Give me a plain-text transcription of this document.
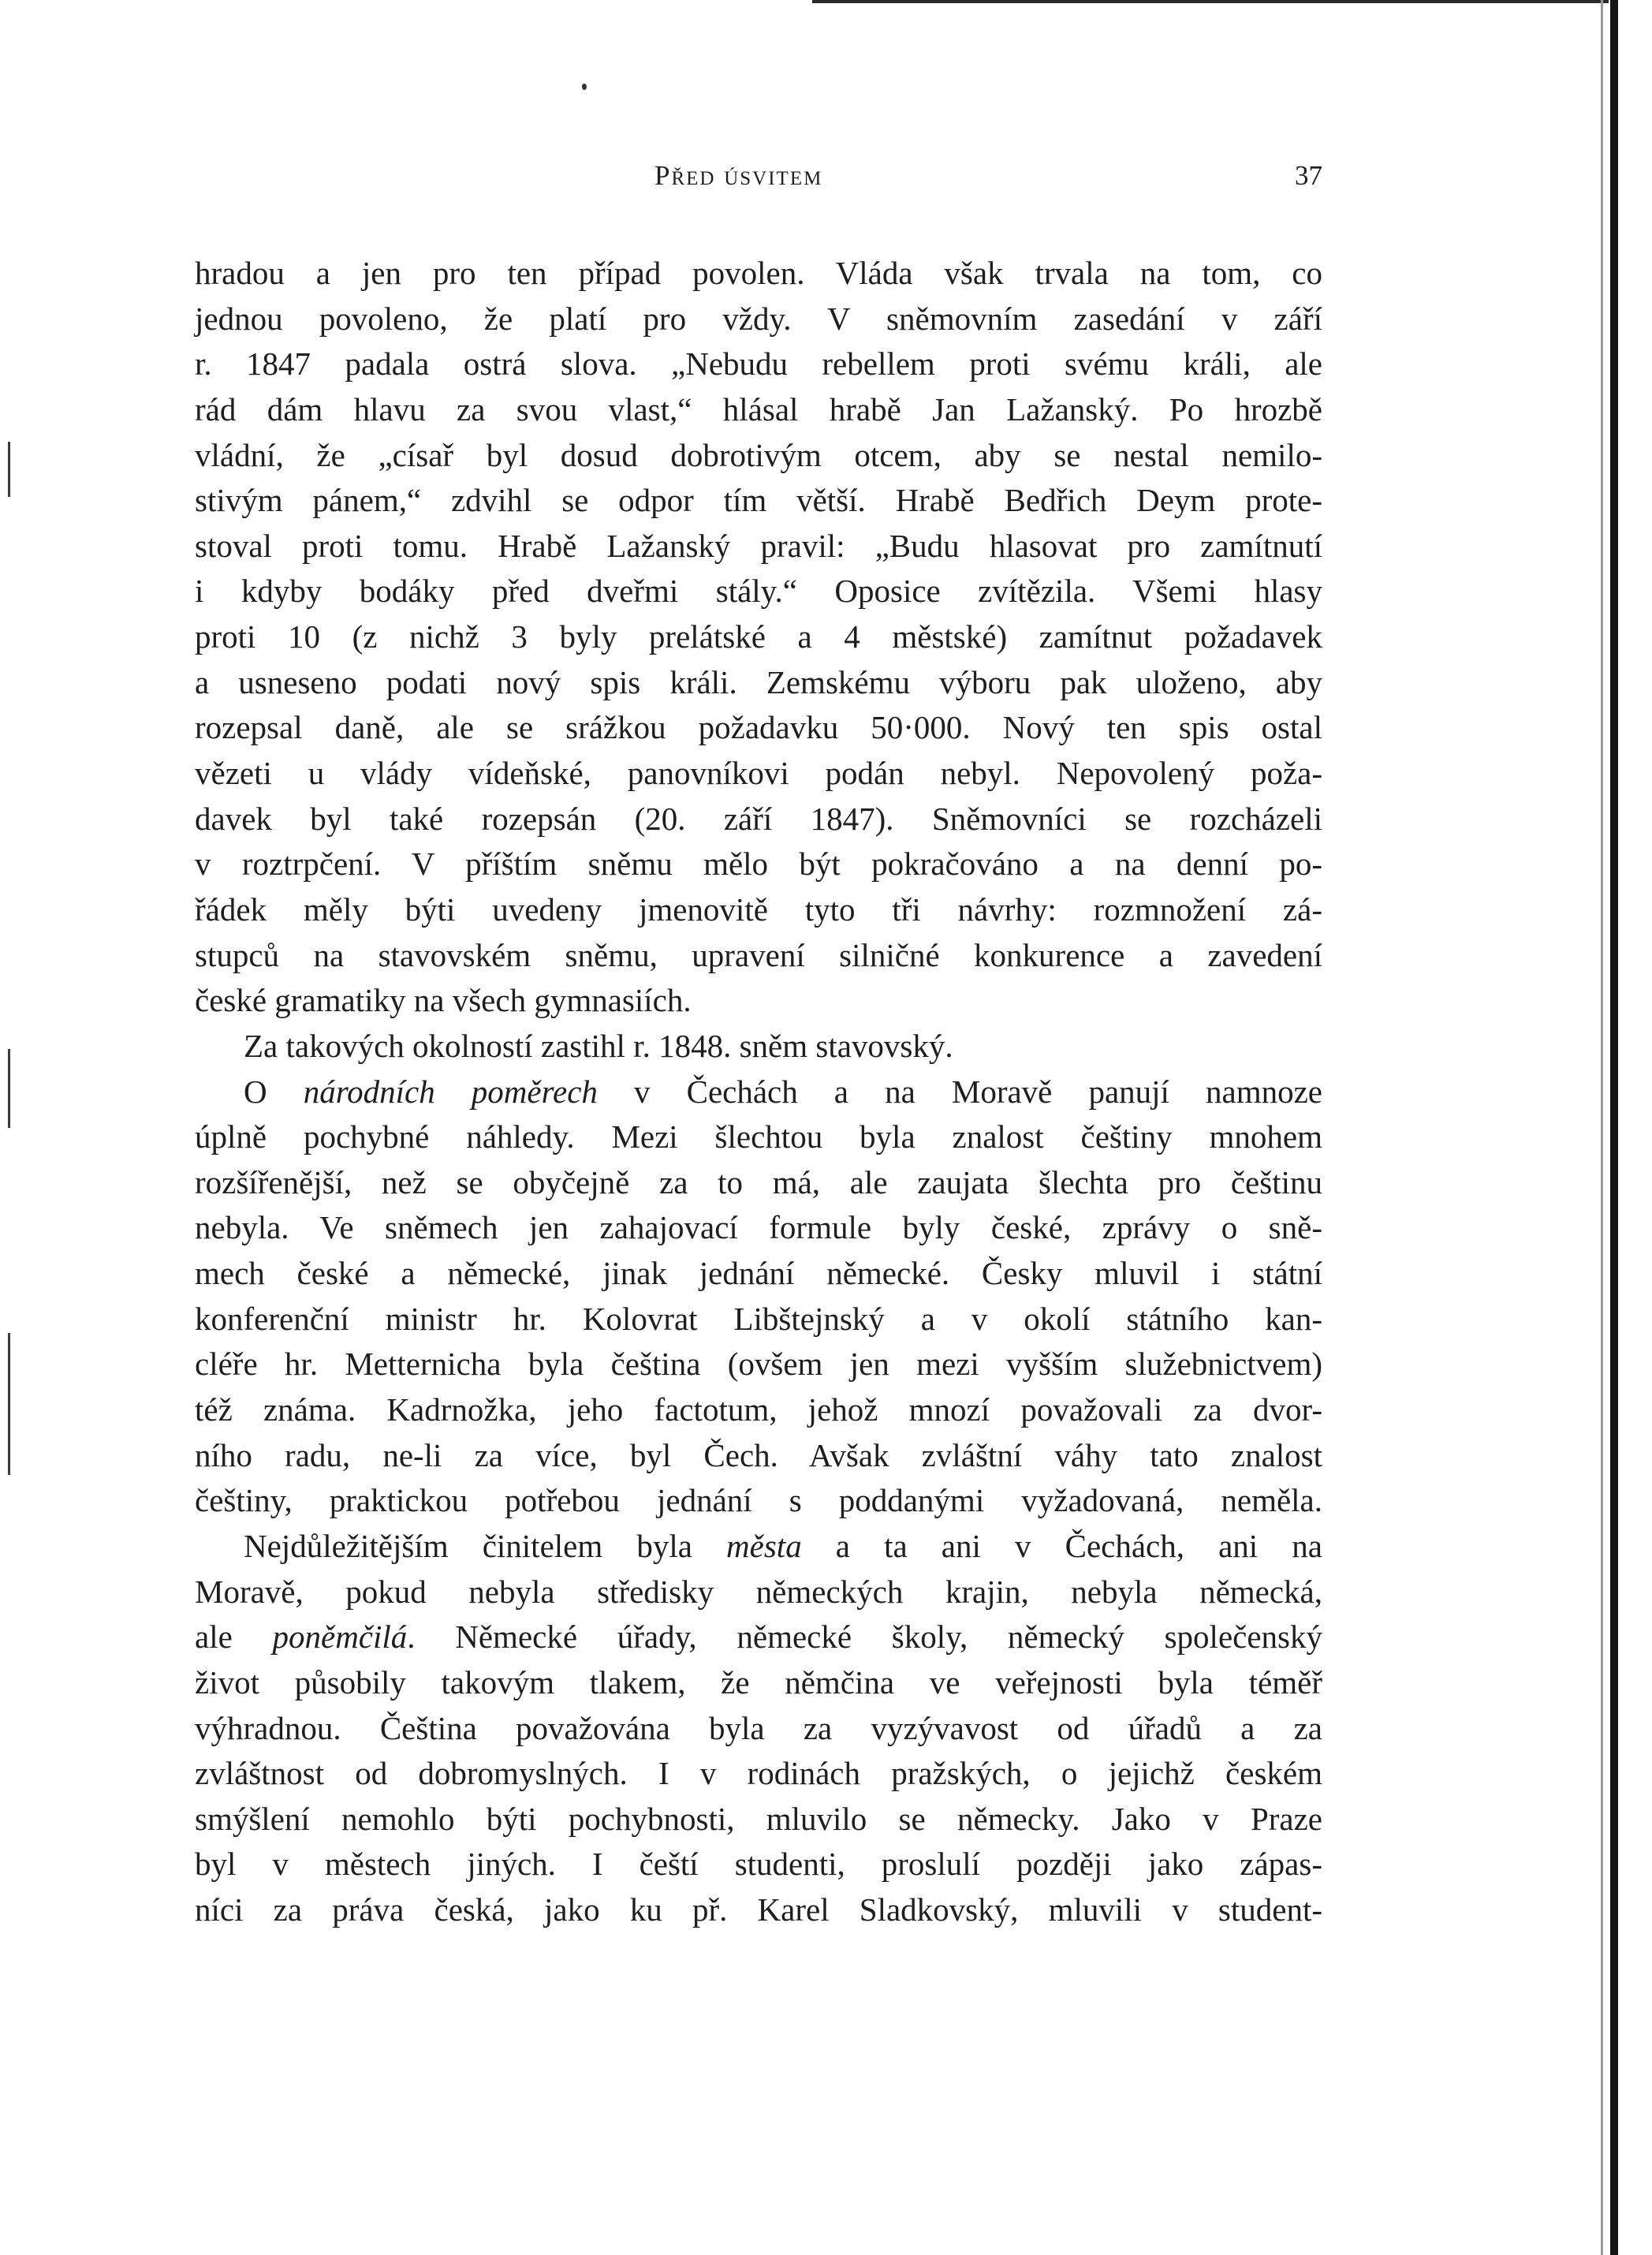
Před úsvitem	37
hradou a jen pro ten případ povolen. Vláda však trvala na tom, co
jednou povoleno, že platí pro vždy. V sněmovním zasedání v září
r. 1847 padala ostrá slova. „Nebudu rebellem proti svému králi, ale
rád dám hlavu za svou vlast,“ hlásal hrabě Jan Lažanský. Po hrozbě
vládní, že „císař byl dosud dobrotivým otcem, aby se nestal nemilo-
stivým pánem,“ zdvihl se odpor tím větší. Hrabě Bedřich Deym prote-
stoval proti tomu. Hrabě Lažanský pravil: „Budu hlasovat pro zamítnutí
i kdyby bodáky před dveřmi stály.“ Oposice zvítězila. Všemi hlasy
proti 10 (z nichž 3 byly prelátské a 4 městské) zamítnut požadavek
a usneseno podati nový spis králi. Zemskému výboru pak uloženo, aby
rozepsal daně, ale se srážkou požadavku 50·000. Nový ten spis ostal
vězeti u vlády vídeňské, panovníkovi podán nebyl. Nepovolený poža-
davek byl také rozepsán (20. září 1847). Sněmovníci se rozcházeli
v roztrpčení. V příštím sněmu mělo být pokračováno a na denní po-
řádek měly býti uvedeny jmenovitě tyto tři návrhy: rozmnožení zá-
stupců na stavovském sněmu, upravení silničné konkurence a zavedení
české gramatiky na všech gymnasiích.
Za takových okolností zastihl r. 1848. sněm stavovský.
O národních poměrech v Čechách a na Moravě panují namnoze
úplně pochybné náhledy. Mezi šlechtou byla znalost češtiny mnohem
rozšířenější, než se obyčejně za to má, ale zaujata šlechta pro češtinu
nebyla. Ve sněmech jen zahajovací formule byly české, zprávy o sně-
mech české a německé, jinak jednání německé. Česky mluvil i státní
konferenční ministr hr. Kolovrat Libštejnský a v okolí státního kan-
cléře hr. Metternicha byla čeština (ovšem jen mezi vyšším služebnictvem)
též známa. Kadrnožka, jeho factotum, jehož mnozí považovali za dvor-
ního radu, ne-li za více, byl Čech. Avšak zvláštní váhy tato znalost
češtiny, praktickou potřebou jednání s poddanými vyžadovaná, neměla.
Nejdůležitějším činitelem byla města a ta ani v Čechách, ani na
Moravě, pokud nebyla středisky německých krajin, nebyla německá,
ale poněmčilá. Německé úřady, německé školy, německý společenský
život působily takovým tlakem, že němčina ve veřejnosti byla téměř
výhradnou. Čeština považována byla za vyzývavost od úřadů a za
zvláštnost od dobromyslných. I v rodinách pražských, o jejichž českém
smýšlení nemohlo býti pochybnosti, mluvilo se německy. Jako v Praze
byl v městech jiných. I čeští studenti, proslulí později jako zápas-
níci za práva česká, jako ku př. Karel Sladkovský, mluvili v student-
